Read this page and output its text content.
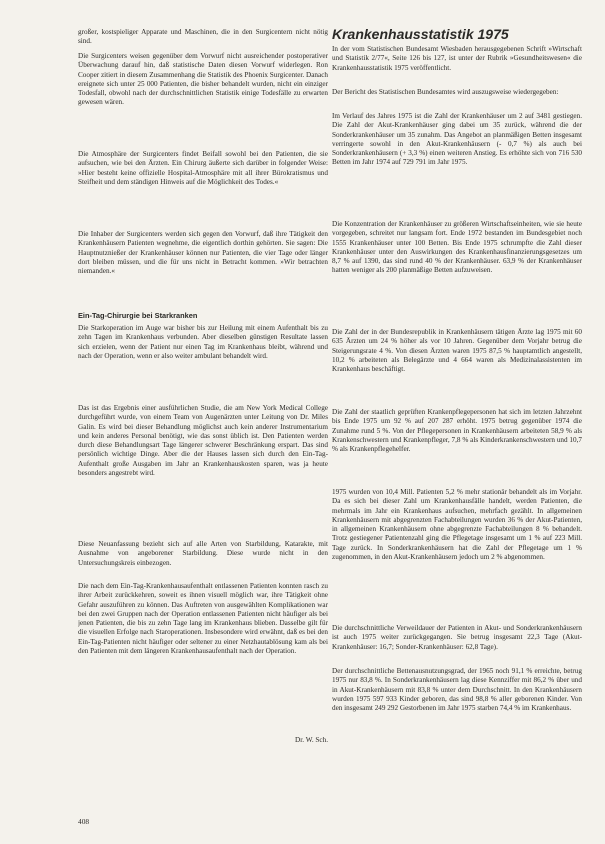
großer, kostspieliger Apparate und Maschinen, die in den Surgicentern nicht nötig sind.

Die Surgicenters weisen gegenüber dem Vorwurf nicht ausreichender postoperativer Überwachung darauf hin, daß statistische Daten diesen Vorwurf widerlegen. Ron Cooper zitiert in diesem Zusammenhang die Statistik des Phoenix Surgicenter. Danach ereignete sich unter 25 000 Patienten, die bisher behandelt wurden, nicht ein einziger Todesfall, obwohl nach der durchschnittlichen Statistik einige Todesfälle zu erwarten gewesen wären.

Die Atmosphäre der Surgicenters findet Beifall sowohl bei den Patienten, die sie aufsuchen, wie bei den Ärzten. Ein Chirurg äußerte sich darüber in folgender Weise: »Hier besteht keine offizielle Hospital-Atmosphäre mit all ihrer Bürokratismus und Steifheit und dem ständigen Hinweis auf die Möglichkeit des Todes.«

Die Inhaber der Surgicenters werden sich gegen den Vorwurf, daß ihre Tätigkeit den Krankenhäusern Patienten wegnehme, die eigentlich dorthin gehörten. Sie sagen: Die Hauptnutznießer der Krankenhäuser können nur Patienten, die vier Tage oder länger dort bleiben müssen, und die für uns nicht in Betracht kommen. »Wir betrachten niemanden.«

Ein-Tag-Chirurgie bei Starkranken

Die Starkoperation im Auge war bisher bis zur Heilung mit einem Aufenthalt bis zu zehn Tagen im Krankenhaus verbunden. Aber dieselben günstigen Resultate lassen sich erzielen, wenn der Patient nur einen Tag im Krankenhaus bleibt, während und nach der Operation, wenn er also weiter ambulant behandelt wird.

Das ist das Ergebnis einer ausführlichen Studie, die am New York Medical College durchgeführt wurde, von einem Team von Augenärzten unter Leitung von Dr. Miles Galin. Es wird bei dieser Behandlung möglichst auch kein anderer Instrumentarium und kein anderes Personal benötigt, wie das sonst üblich ist. Den Patienten werden durch diese Behandlungsart Tage längerer schwerer Beschränkung erspart. Das sind persönlich wichtige Dinge. Aber die der Hauses lassen sich durch den Ein-Tag-Aufenthalt große Ausgaben im Jahr an Krankenhauskosten sparen, was ja heute besonders angestrebt wird.

Diese Neuanfassung bezieht sich auf alle Arten von Starbildung, Katarakte, mit Ausnahme von angeborener Starbildung. Diese wurde nicht in den Untersuchungskreis einbezogen.

Die nach dem Ein-Tag-Krankenhausaufenthalt entlassenen Patienten konnten rasch zu ihrer Arbeit zurückkehren, soweit es ihnen visuell möglich war, ihre Tätigkeit ohne Gefahr auszuführen zu können. Das Auftreten von ausgewählten Komplikationen war bei den zwei Gruppen nach der Operation entlassenen Patienten nicht häufiger als bei jenen Patienten, die bis zu zehn Tage lang im Krankenhaus blieben. Dasselbe gilt für die visuellen Erfolge nach Staroperationen. Insbesondere wird erwähnt, daß es bei den Ein-Tag-Patienten nicht häufiger oder seltener zu einer Netzhautablösung kam als bei den Patienten mit dem längeren Krankenhausaufenthalt nach der Operation.

Dr. W. Sch.
Krankenhausstatistik 1975

In der vom Statistischen Bundesamt Wiesbaden herausgegebenen Schrift »Wirtschaft und Statistik 2/77«, Seite 126 bis 127, ist unter der Rubrik »Gesundheitswesen« die Krankenhausstatistik 1975 veröffentlicht.

Der Bericht des Statistischen Bundesamtes wird auszugsweise wiedergegeben:

Im Verlauf des Jahres 1975 ist die Zahl der Krankenhäuser um 2 auf 3481 gestiegen. Die Zahl der Akut-Krankenhäuser ging dabei um 35 zurück, während die der Sonderkrankenhäuser um 35 zunahm. Das Angebot an planmäßigen Betten insgesamt verringerte sowohl in den Akut-Krankenhäusern (- 0,7 %) als auch bei Sonderkrankenhäusern (+ 3,3 %) einen weiteren Anstieg. Es erhöhte sich von 716 530 Betten im Jahr 1974 auf 729 791 im Jahr 1975.

Die Konzentration der Krankenhäuser zu größeren Wirtschaftseinheiten, wie sie heute vorgegeben, schreitet nur langsam fort. Ende 1972 bestanden im Bundesgebiet noch 1555 Krankenhäuser unter 100 Betten. Bis Ende 1975 schrumpfte die Zahl dieser Krankenhäuser unter den Auswirkungen des Krankenhausfinanzierungsgesetzes um 8,7 % auf 1390, das sind rund 40 % der Krankenhäuser. 63,9 % der Krankenhäuser hatten weniger als 200 planmäßige Betten aufzuweisen.

Die Zahl der in der Bundesrepublik in Krankenhäusern tätigen Ärzte lag 1975 mit 60 635 Ärzten um 24 % höher als vor 10 Jahren. Gegenüber dem Vorjahr betrug die Steigerungsrate 4 %. Von diesen Ärzten waren 1975 87,5 % hauptamtlich angestellt, 10,2 % arbeiteten als Belegärzte und 4 664 waren als Medizinalassistenten im Krankenhaus beschäftigt.

Die Zahl der staatlich geprüften Krankenpflegepersonen hat sich im letzten Jahrzehnt bis Ende 1975 um 92 % auf 207 287 erhöht. 1975 betrug gegenüber 1974 die Zunahme rund 5 %. Von der Pflegepersonen in Krankenhäusern arbeiteten 58,9 % als Krankenschwestern und Krankenpfleger, 7,8 % als Kinderkrankenschwestern und 10,7 % als Krankenpflegehelfer.

1975 wurden von 10,4 Mill. Patienten 5,2 % mehr stationär behandelt als im Vorjahr. Da es sich bei dieser Zahl um Krankenhausfälle handelt, werden Patienten, die mehrmals im Jahr ein Krankenhaus aufsuchen, mehrfach gezählt. In allgemeinen Krankenhäusern mit abgegrenzten Fachabteilungen wurden 36 % der Akut-Patienten, in allgemeinen Krankenhäusern ohne abgegrenzte Fachabteilungen 8 % behandelt. Trotz gestiegener Patientenzahl ging die Pflegetage insgesamt um 1 % auf 223 Mill. Tage zurück. In Sonderkrankenhäusern hat die Zahl der Pflegetage um 1 % zugenommen, in den Akut-Krankenhäusern jedoch um 2 % abgenommen.

Die durchschnittliche Verweildauer der Patienten in Akut- und Sonderkrankenhäusern ist auch 1975 weiter zurückgegangen. Sie betrug insgesamt 22,3 Tage (Akut-Krankenhäuser: 16,7; Sonder-Krankenhäuser: 62,8 Tage).

Der durchschnittliche Bettenausnutzungsgrad, der 1965 noch 91,1 % erreichte, betrug 1975 nur 83,8 %. In Sonderkrankenhäusern lag diese Kennziffer mit 86,2 % über und in Akut-Krankenhäusern mit 83,8 % unter dem Durchschnitt. In den Krankenhäusern wurden 1975 597 933 Kinder geboren, das sind 98,8 % aller geborenen Kinder. Von den insgesamt 249 292 Gestorbenen im Jahr 1975 starben 74,4 % im Krankenhaus.

408
